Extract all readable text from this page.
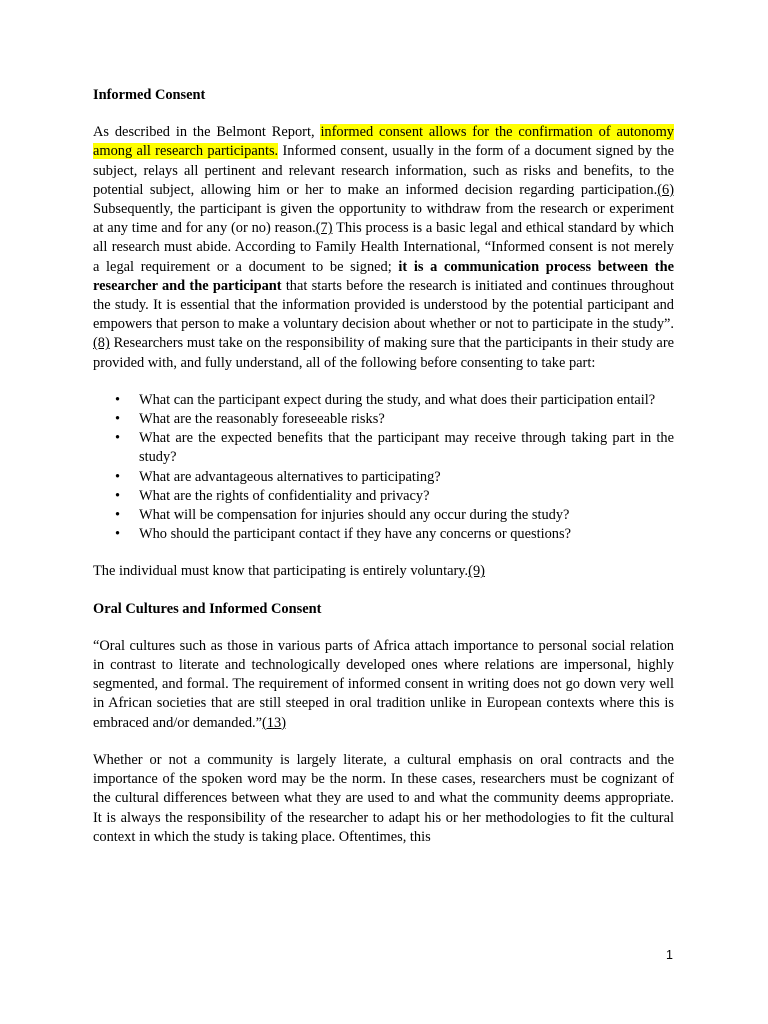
Informed Consent

As described in the Belmont Report, informed consent allows for the confirmation of autonomy among all research participants. Informed consent, usually in the form of a document signed by the subject, relays all pertinent and relevant research information, such as risks and benefits, to the potential subject, allowing him or her to make an informed decision regarding participation.(6) Subsequently, the participant is given the opportunity to withdraw from the research or experiment at any time and for any (or no) reason.(7) This process is a basic legal and ethical standard by which all research must abide. According to Family Health International, “Informed consent is not merely a legal requirement or a document to be signed; it is a communication process between the researcher and the participant that starts before the research is initiated and continues throughout the study. It is essential that the information provided is understood by the potential participant and empowers that person to make a voluntary decision about whether or not to participate in the study”.(8) Researchers must take on the responsibility of making sure that the participants in their study are provided with, and fully understand, all of the following before consenting to take part:

• What can the participant expect during the study, and what does their participation entail?
• What are the reasonably foreseeable risks?
• What are the expected benefits that the participant may receive through taking part in the study?
• What are advantageous alternatives to participating?
• What are the rights of confidentiality and privacy?
• What will be compensation for injuries should any occur during the study?
• Who should the participant contact if they have any concerns or questions?

The individual must know that participating is entirely voluntary.(9)

Oral Cultures and Informed Consent

“Oral cultures such as those in various parts of Africa attach importance to personal social relation in contrast to literate and technologically developed ones where relations are impersonal, highly segmented, and formal. The requirement of informed consent in writing does not go down very well in African societies that are still steeped in oral tradition unlike in European contexts where this is embraced and/or demanded.”(13)

Whether or not a community is largely literate, a cultural emphasis on oral contracts and the importance of the spoken word may be the norm. In these cases, researchers must be cognizant of the cultural differences between what they are used to and what the community deems appropriate. It is always the responsibility of the researcher to adapt his or her methodologies to fit the cultural context in which the study is taking place. Oftentimes, this

1
